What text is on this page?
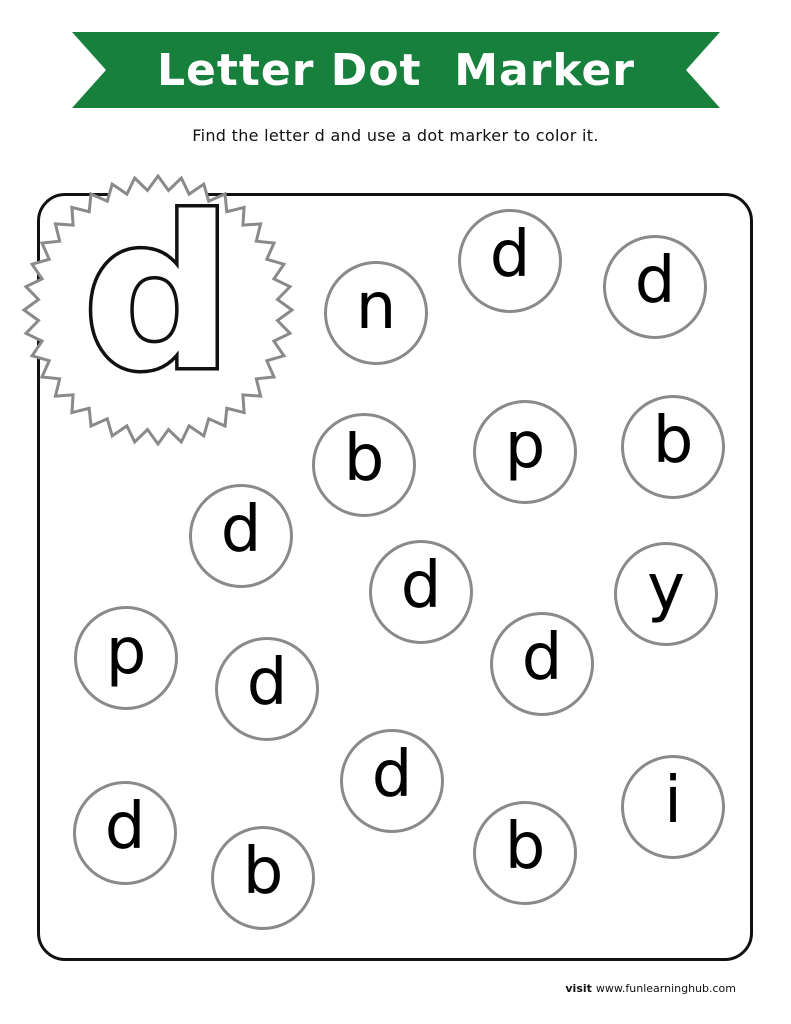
Letter Dot  Marker
Find the letter d and use a dot marker to color it.
d	n
d d
b p b
d
d	y
p	d
d
d	i
d	b
b
visit www.funlearninghub.com
